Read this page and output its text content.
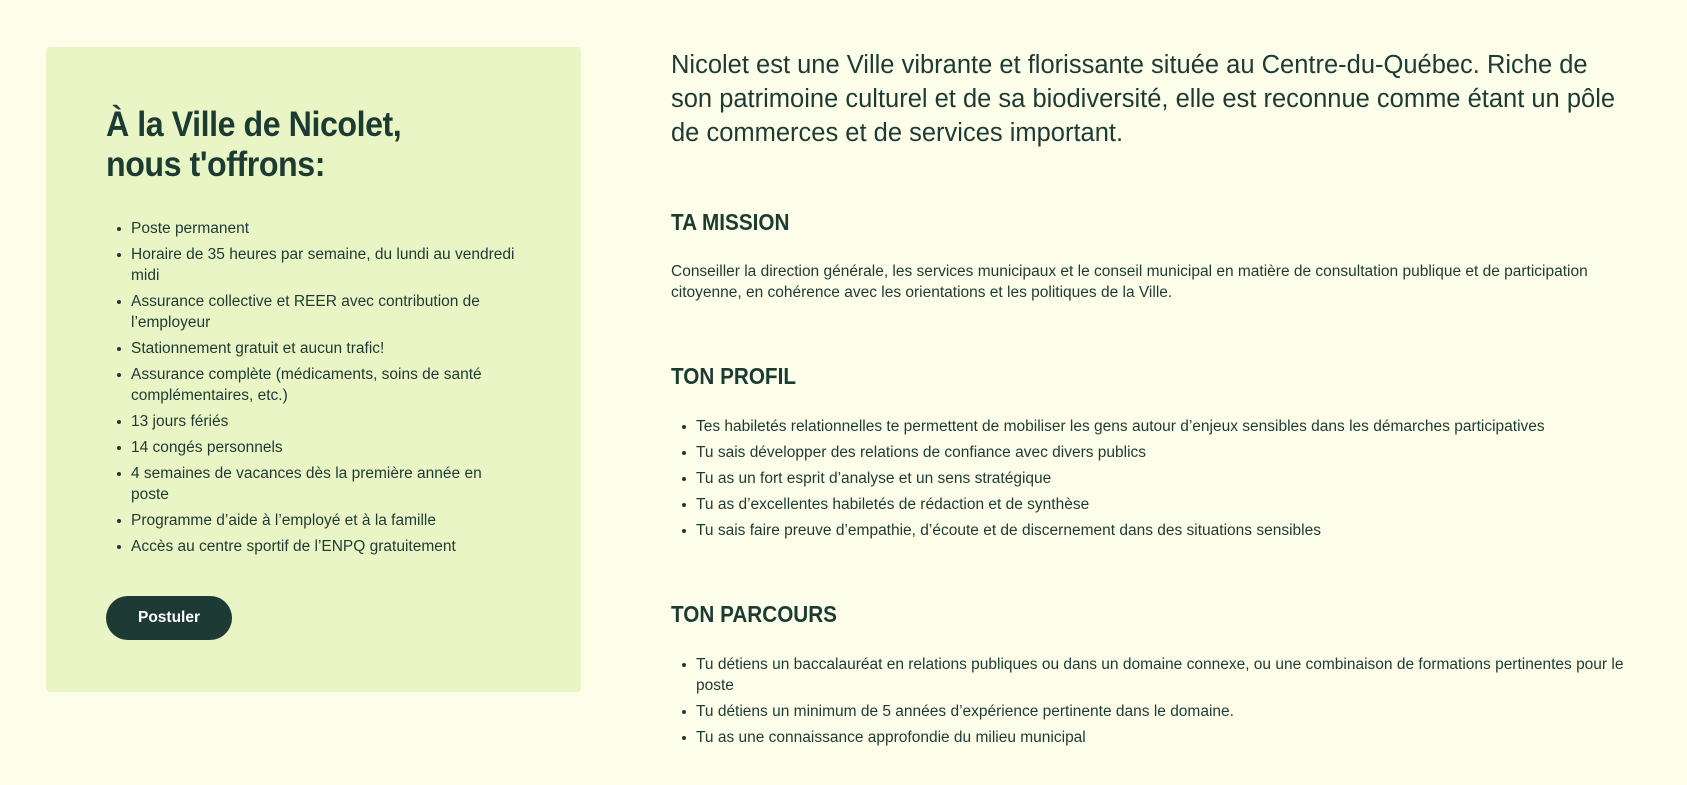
À la Ville de Nicolet, nous t'offrons:
Poste permanent
Horaire de 35 heures par semaine, du lundi au vendredi midi
Assurance collective et REER avec contribution de l’employeur
Stationnement gratuit et aucun trafic!
Assurance complète (médicaments, soins de santé complémentaires, etc.)
13 jours fériés
14 congés personnels
4 semaines de vacances dès la première année en poste
Programme d’aide à l’employé et à la famille
Accès au centre sportif de l’ENPQ gratuitement
Postuler

Nicolet est une Ville vibrante et florissante située au Centre-du-Québec. Riche de son patrimoine culturel et de sa biodiversité, elle est reconnue comme étant un pôle de commerces et de services important.

TA MISSION

Conseiller la direction générale, les services municipaux et le conseil municipal en matière de consultation publique et de participation citoyenne, en cohérence avec les orientations et les politiques de la Ville.

TON PROFIL
Tes habiletés relationnelles te permettent de mobiliser les gens autour d’enjeux sensibles dans les démarches participatives
Tu sais développer des relations de confiance avec divers publics
Tu as un fort esprit d’analyse et un sens stratégique
Tu as d’excellentes habiletés de rédaction et de synthèse
Tu sais faire preuve d’empathie, d’écoute et de discernement dans des situations sensibles
TON PARCOURS
Tu détiens un baccalauréat en relations publiques ou dans un domaine connexe, ou une combinaison de formations pertinentes pour le poste
Tu détiens un minimum de 5 années d’expérience pertinente dans le domaine.
Tu as une connaissance approfondie du milieu municipal
